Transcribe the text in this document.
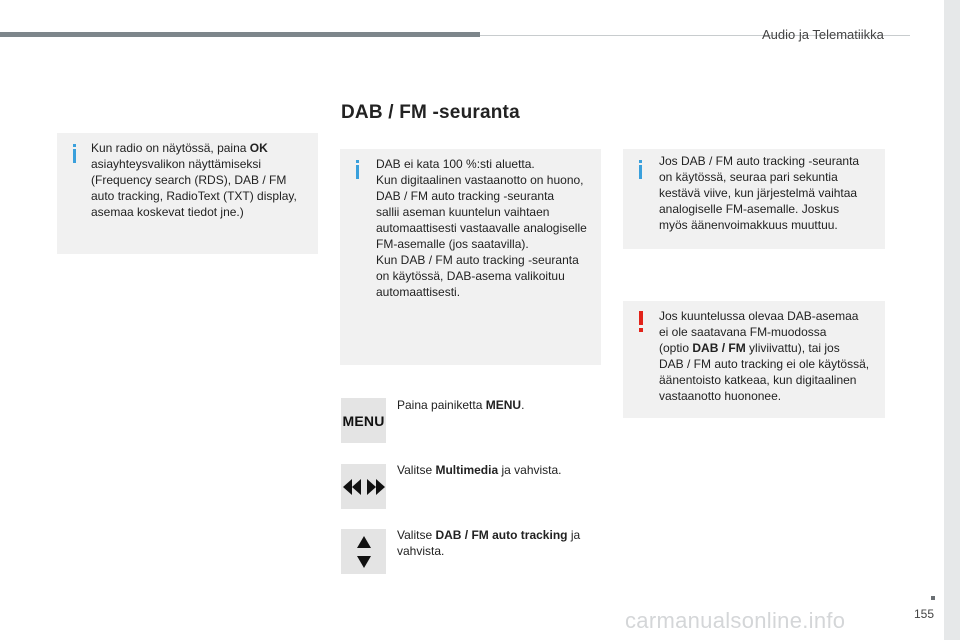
Audio ja Telematiikka
DAB / FM -seuranta

Kun radio on näytössä, paina OK
asiayhteysvalikon näyttämiseksi
(Frequency search (RDS), DAB / FM
auto tracking, RadioText (TXT) display,
asemaa koskevat tiedot jne.)

DAB ei kata 100 %:sti aluetta.
Kun digitaalinen vastaanotto on huono,
DAB / FM auto tracking -seuranta
sallii aseman kuuntelun vaihtaen
automaattisesti vastaavalle analogiselle
FM-asemalle (jos saatavilla).
Kun DAB / FM auto tracking -seuranta
on käytössä, DAB-asema valikoituu
automaattisesti.

Jos DAB / FM auto tracking -seuranta
on käytössä, seuraa pari sekuntia
kestävä viive, kun järjestelmä vaihtaa
analogiselle FM-asemalle. Joskus
myös äänenvoimakkuus muuttuu.

Jos kuuntelussa olevaa DAB-asemaa
ei ole saatavana FM-muodossa
(optio DAB / FM yliviivattu), tai jos
DAB / FM auto tracking ei ole käytössä,
äänentoisto katkeaa, kun digitaalinen
vastaanotto huononee.

MENU
Paina painiketta MENU.
Valitse Multimedia ja vahvista.
Valitse DAB / FM auto tracking ja
vahvista.
carmanualsonline.info	155
